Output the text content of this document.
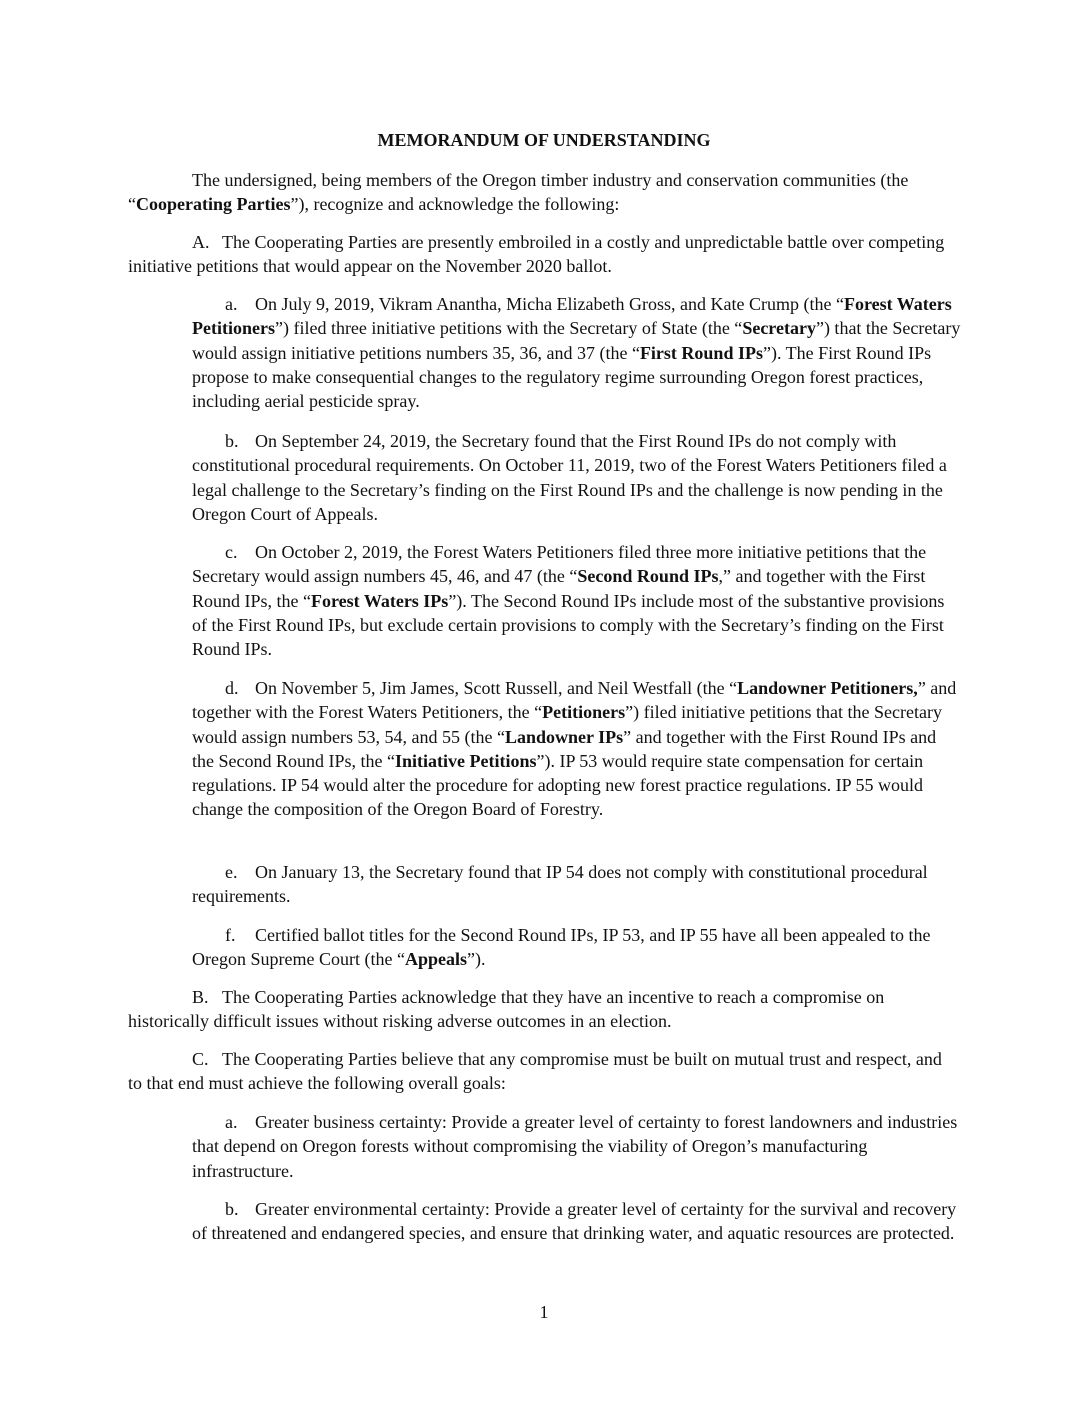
MEMORANDUM OF UNDERSTANDING

The undersigned, being members of the Oregon timber industry and conservation communities (the “Cooperating Parties”), recognize and acknowledge the following:

A. The Cooperating Parties are presently embroiled in a costly and unpredictable battle over competing initiative petitions that would appear on the November 2020 ballot.

a. On July 9, 2019, Vikram Anantha, Micha Elizabeth Gross, and Kate Crump (the “Forest Waters Petitioners”) filed three initiative petitions with the Secretary of State (the “Secretary”) that the Secretary would assign initiative petitions numbers 35, 36, and 37 (the “First Round IPs”). The First Round IPs propose to make consequential changes to the regulatory regime surrounding Oregon forest practices, including aerial pesticide spray.

b. On September 24, 2019, the Secretary found that the First Round IPs do not comply with constitutional procedural requirements. On October 11, 2019, two of the Forest Waters Petitioners filed a legal challenge to the Secretary’s finding on the First Round IPs and the challenge is now pending in the Oregon Court of Appeals.

c. On October 2, 2019, the Forest Waters Petitioners filed three more initiative petitions that the Secretary would assign numbers 45, 46, and 47 (the “Second Round IPs,” and together with the First Round IPs, the “Forest Waters IPs”). The Second Round IPs include most of the substantive provisions of the First Round IPs, but exclude certain provisions to comply with the Secretary’s finding on the First Round IPs.

d. On November 5, Jim James, Scott Russell, and Neil Westfall (the “Landowner Petitioners,” and together with the Forest Waters Petitioners, the “Petitioners”) filed initiative petitions that the Secretary would assign numbers 53, 54, and 55 (the “Landowner IPs” and together with the First Round IPs and the Second Round IPs, the “Initiative Petitions”). IP 53 would require state compensation for certain regulations. IP 54 would alter the procedure for adopting new forest practice regulations. IP 55 would change the composition of the Oregon Board of Forestry.

e. On January 13, the Secretary found that IP 54 does not comply with constitutional procedural requirements.

f. Certified ballot titles for the Second Round IPs, IP 53, and IP 55 have all been appealed to the Oregon Supreme Court (the “Appeals”).

B. The Cooperating Parties acknowledge that they have an incentive to reach a compromise on historically difficult issues without risking adverse outcomes in an election.

C. The Cooperating Parties believe that any compromise must be built on mutual trust and respect, and to that end must achieve the following overall goals:

a. Greater business certainty: Provide a greater level of certainty to forest landowners and industries that depend on Oregon forests without compromising the viability of Oregon’s manufacturing infrastructure.

b. Greater environmental certainty: Provide a greater level of certainty for the survival and recovery of threatened and endangered species, and ensure that drinking water, and aquatic resources are protected.

1
